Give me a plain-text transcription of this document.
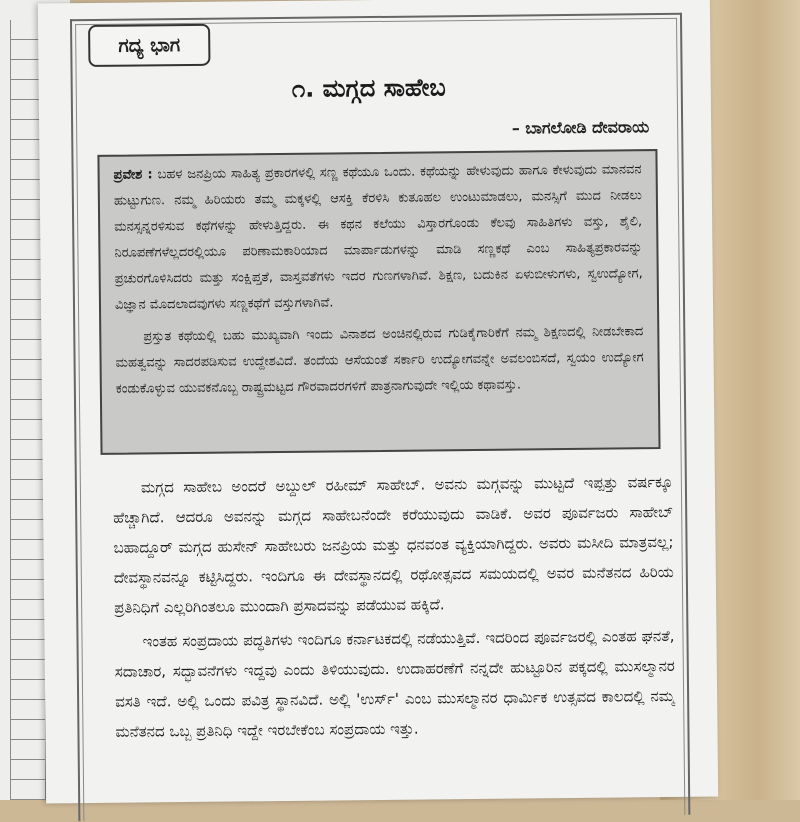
ಗದ್ಯ ಭಾಗ
೧. ಮಗ್ಗದ ಸಾಹೇಬ
– ಬಾಗಲೋಡಿ ದೇವರಾಯ

ಪ್ರವೇಶ : ಬಹಳ ಜನಪ್ರಿಯ ಸಾಹಿತ್ಯ ಪ್ರಕಾರಗಳಲ್ಲಿ ಸಣ್ಣ ಕಥೆಯೂ ಒಂದು. ಕಥೆಯನ್ನು ಹೇಳುವುದು ಹಾಗೂ ಕೇಳುವುದು ಮಾನವನ ಹುಟ್ಟುಗುಣ. ನಮ್ಮ ಹಿರಿಯರು ತಮ್ಮ ಮಕ್ಕಳಲ್ಲಿ ಆಸಕ್ತಿ ಕೆರಳಿಸಿ ಕುತೂಹಲ ಉಂಟುಮಾಡಲು, ಮನಸ್ಸಿಗೆ ಮುದ ನೀಡಲು ಮನಸ್ಸನ್ನರಳಿಸುವ ಕಥೆಗಳನ್ನು ಹೇಳುತ್ತಿದ್ದರು. ಈ ಕಥನ ಕಲೆಯು ವಿಸ್ತಾರಗೊಂಡು ಕೆಲವು ಸಾಹಿತಿಗಳು ವಸ್ತು, ಶೈಲಿ, ನಿರೂಪಣೆಗಳೆಲ್ಲದರಲ್ಲಿಯೂ ಪರಿಣಾಮಕಾರಿಯಾದ ಮಾರ್ಪಾಡುಗಳನ್ನು ಮಾಡಿ ಸಣ್ಣಕಥೆ ಎಂಬ ಸಾಹಿತ್ಯಪ್ರಕಾರವನ್ನು ಪ್ರಚುರಗೊಳಿಸಿದರು ಮತ್ತು ಸಂಕ್ಷಿಪ್ತತೆ, ವಾಸ್ತವತೆಗಳು ಇದರ ಗುಣಗಳಾಗಿವೆ. ಶಿಕ್ಷಣ, ಬದುಕಿನ ಏಳುಬೀಳುಗಳು, ಸ್ವಉದ್ಯೋಗ, ವಿಜ್ಞಾನ ಮೊದಲಾದವುಗಳು ಸಣ್ಣಕಥೆಗೆ ವಸ್ತುಗಳಾಗಿವೆ.

ಪ್ರಸ್ತುತ ಕಥೆಯಲ್ಲಿ ಬಹು ಮುಖ್ಯವಾಗಿ ಇಂದು ವಿನಾಶದ ಅಂಚಿನಲ್ಲಿರುವ ಗುಡಿಕೈಗಾರಿಕೆಗೆ ನಮ್ಮ ಶಿಕ್ಷಣದಲ್ಲಿ ನೀಡಬೇಕಾದ ಮಹತ್ವವನ್ನು ಸಾದರಪಡಿಸುವ ಉದ್ದೇಶವಿದೆ. ತಂದೆಯ ಆಸೆಯಂತೆ ಸರ್ಕಾರಿ ಉದ್ಯೋಗವನ್ನೇ ಅವಲಂಬಿಸದೆ, ಸ್ವಯಂ ಉದ್ಯೋಗ ಕಂಡುಕೊಳ್ಳುವ ಯುವಕನೊಬ್ಬ ರಾಷ್ಟ್ರಮಟ್ಟದ ಗೌರವಾದರಗಳಿಗೆ ಪಾತ್ರನಾಗುವುದೇ ಇಲ್ಲಿಯ ಕಥಾವಸ್ತು.

ಮಗ್ಗದ ಸಾಹೇಬ ಅಂದರೆ ಅಬ್ದುಲ್ ರಹೀಮ್ ಸಾಹೇಬ್. ಅವನು ಮಗ್ಗವನ್ನು ಮುಟ್ಟದೆ ಇಪ್ಪತ್ತು ವರ್ಷಕ್ಕೂ ಹೆಚ್ಚಾಗಿದೆ. ಆದರೂ ಅವನನ್ನು ಮಗ್ಗದ ಸಾಹೇಬನೆಂದೇ ಕರೆಯುವುದು ವಾಡಿಕೆ. ಅವರ ಪೂರ್ವಜರು ಸಾಹೇಬ್ ಬಹಾದ್ದೂರ್ ಮಗ್ಗದ ಹುಸೇನ್ ಸಾಹೇಬರು ಜನಪ್ರಿಯ ಮತ್ತು ಧನವಂತ ವ್ಯಕ್ತಿಯಾಗಿದ್ದರು. ಅವರು ಮಸೀದಿ ಮಾತ್ರವಲ್ಲ; ದೇವಸ್ಥಾನವನ್ನೂ ಕಟ್ಟಿಸಿದ್ದರು. ಇಂದಿಗೂ ಈ ದೇವಸ್ಥಾನದಲ್ಲಿ ರಥೋತ್ಸವದ ಸಮಯದಲ್ಲಿ ಅವರ ಮನೆತನದ ಹಿರಿಯ ಪ್ರತಿನಿಧಿಗೆ ಎಲ್ಲರಿಗಿಂತಲೂ ಮುಂದಾಗಿ ಪ್ರಸಾದವನ್ನು ಪಡೆಯುವ ಹಕ್ಕಿದೆ.

ಇಂತಹ ಸಂಪ್ರದಾಯ ಪದ್ಧತಿಗಳು ಇಂದಿಗೂ ಕರ್ನಾಟಕದಲ್ಲಿ ನಡೆಯುತ್ತಿವೆ. ಇದರಿಂದ ಪೂರ್ವಜರಲ್ಲಿ ಎಂತಹ ಘನತೆ, ಸದಾಚಾರ, ಸದ್ಭಾವನೆಗಳು ಇದ್ದವು ಎಂದು ತಿಳಿಯುವುದು. ಉದಾಹರಣೆಗೆ ನನ್ನದೇ ಹುಟ್ಟೂರಿನ ಪಕ್ಕದಲ್ಲಿ ಮುಸಲ್ಮಾನರ ವಸತಿ ಇದೆ. ಅಲ್ಲಿ ಒಂದು ಪವಿತ್ರ ಸ್ಥಾನವಿದೆ. ಅಲ್ಲಿ 'ಉರ್ಸ್' ಎಂಬ ಮುಸಲ್ಮಾನರ ಧಾರ್ಮಿಕ ಉತ್ಸವದ ಕಾಲದಲ್ಲಿ ನಮ್ಮ ಮನೆತನದ ಒಬ್ಬ ಪ್ರತಿನಿಧಿ ಇದ್ದೇ ಇರಬೇಕೆಂಬ ಸಂಪ್ರದಾಯ ಇತ್ತು.
